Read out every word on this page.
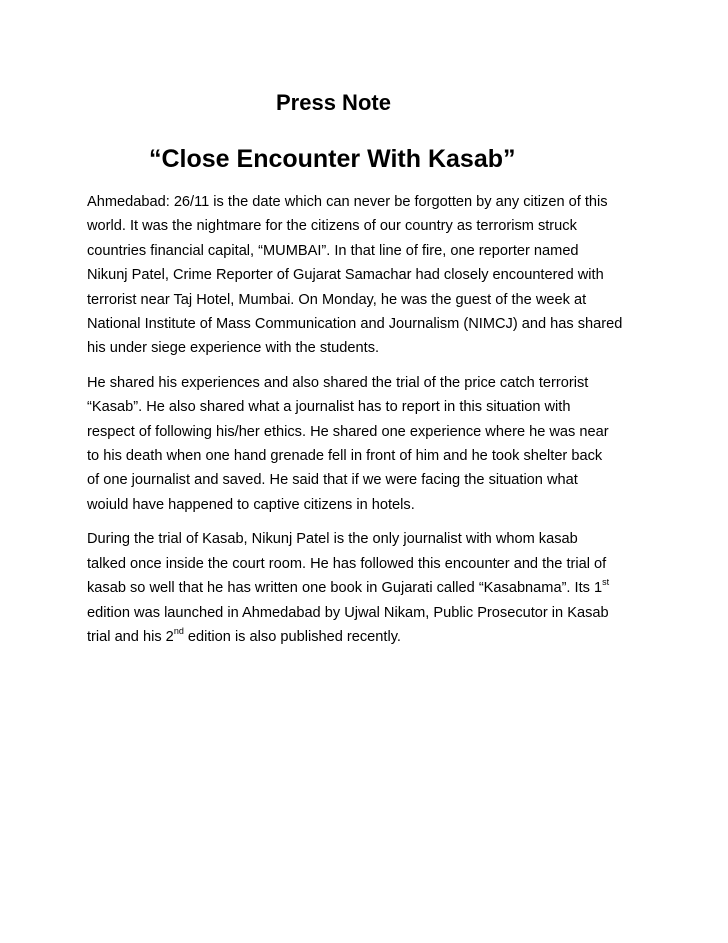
Press Note
“Close Encounter With Kasab”

Ahmedabad: 26/11 is the date which can never be forgotten by any citizen of this
world. It was the nightmare for the citizens of our country as terrorism struck
countries financial capital, “MUMBAI”. In that line of fire, one reporter named
Nikunj Patel, Crime Reporter of Gujarat Samachar had closely encountered with
terrorist near Taj Hotel, Mumbai. On Monday, he was the guest of the week at
National Institute of Mass Communication and Journalism (NIMCJ) and has shared
his under siege experience with the students.

He shared his experiences and also shared the trial of the price catch terrorist
“Kasab”. He also shared what a journalist has to report in this situation with
respect of following his/her ethics. He shared one experience where he was near
to his death when one hand grenade fell in front of him and he took shelter back
of one journalist and saved. He said that if we were facing the situation what
woiuld have happened to captive citizens in hotels.

During the trial of Kasab, Nikunj Patel is the only journalist with whom kasab
talked once inside the court room. He has followed this encounter and the trial of
kasab so well that he has written one book in Gujarati called “Kasabnama”. Its 1st
edition was launched in Ahmedabad by Ujwal Nikam, Public Prosecutor in Kasab
trial and his 2nd edition is also published recently.
